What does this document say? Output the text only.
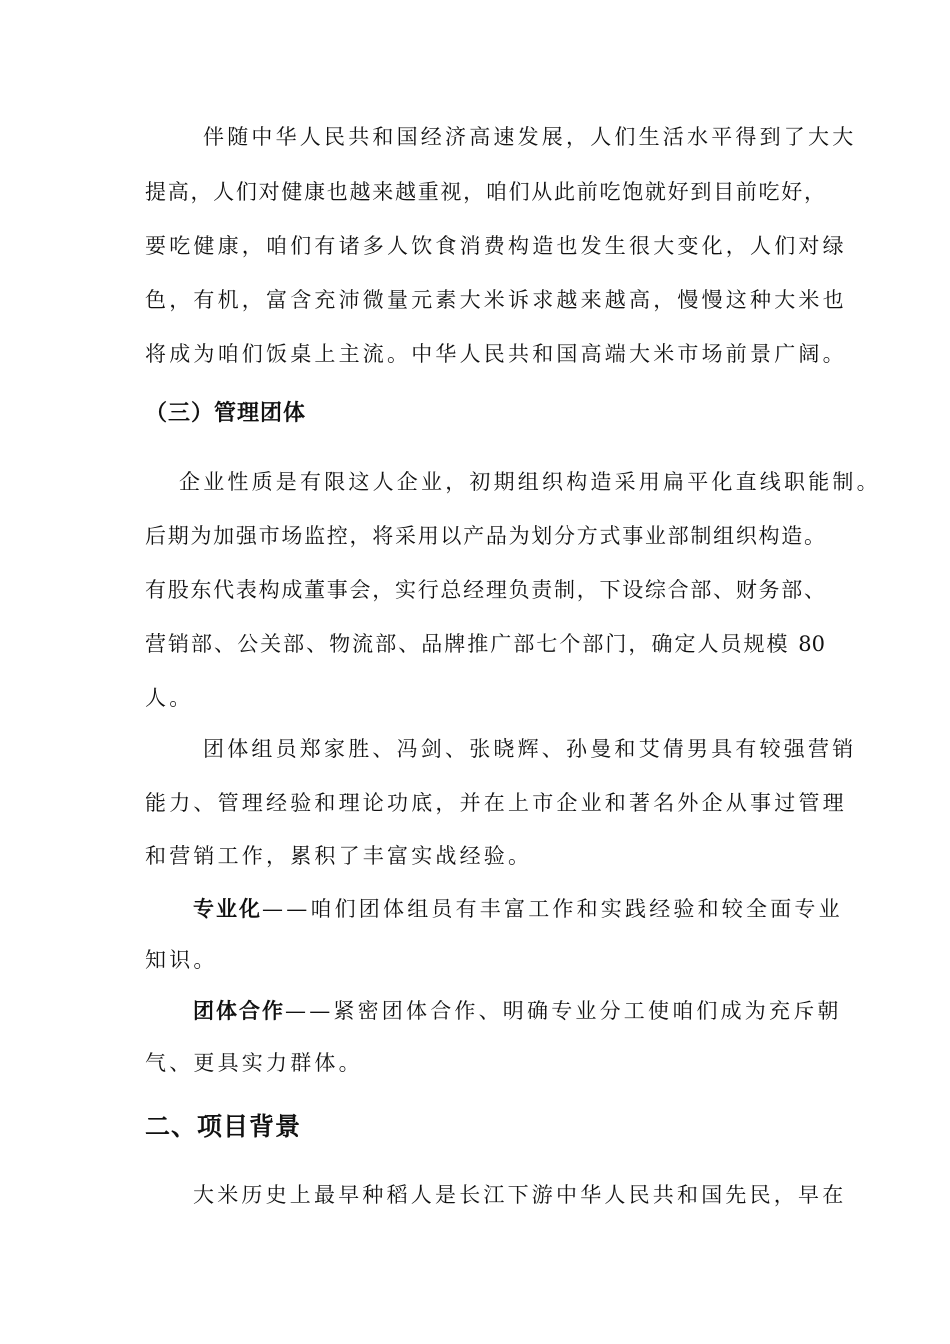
伴随中华人民共和国经济高速发展，人们生活水平得到了大大
提高，人们对健康也越来越重视，咱们从此前吃饱就好到目前吃好，
要吃健康，咱们有诸多人饮食消费构造也发生很大变化，人们对绿
色，有机，富含充沛微量元素大米诉求越来越高，慢慢这种大米也
将成为咱们饭桌上主流。中华人民共和国高端大米市场前景广阔。
（三）管理团体
企业性质是有限这人企业，初期组织构造采用扁平化直线职能制。
后期为加强市场监控，将采用以产品为划分方式事业部制组织构造。
有股东代表构成董事会，实行总经理负责制，下设综合部、财务部、
营销部、公关部、物流部、品牌推广部七个部门，确定人员规模 80
人。
团体组员郑家胜、冯剑、张晓辉、孙曼和艾倩男具有较强营销
能力、管理经验和理论功底，并在上市企业和著名外企从事过管理
和营销工作，累积了丰富实战经验。
专业化——咱们团体组员有丰富工作和实践经验和较全面专业
知识。
团体合作——紧密团体合作、明确专业分工使咱们成为充斥朝
气、更具实力群体。
二、项目背景
大米历史上最早种稻人是长江下游中华人民共和国先民，早在
